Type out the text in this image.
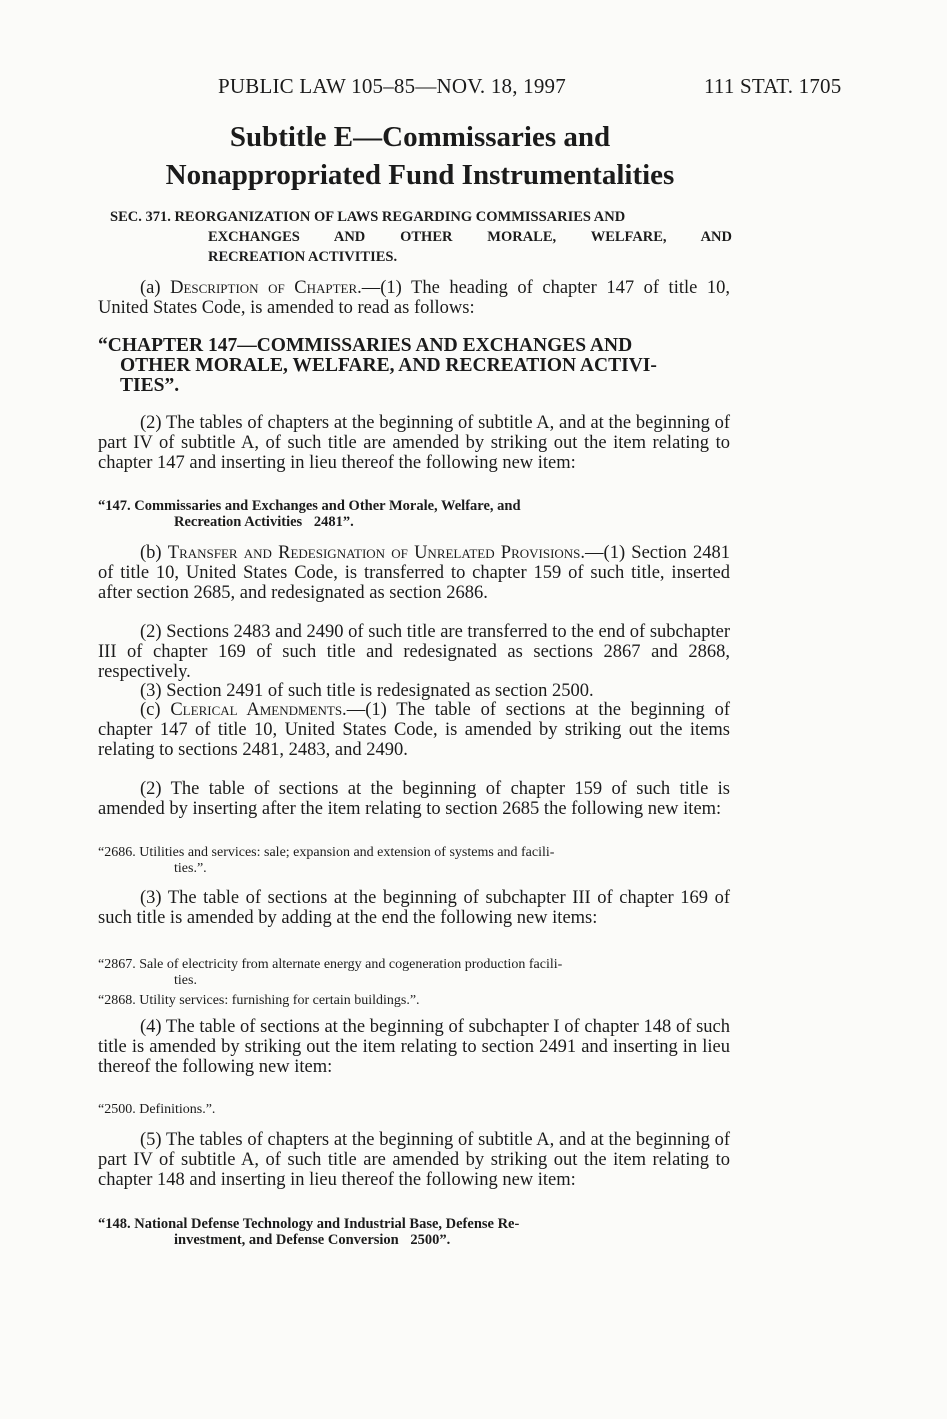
PUBLIC LAW 105–85—NOV. 18, 1997	111 STAT. 1705
Subtitle E—Commissaries and
Nonappropriated Fund Instrumentalities
SEC. 371. REORGANIZATION OF LAWS REGARDING COMMISSARIES AND
EXCHANGES AND OTHER MORALE, WELFARE, AND
RECREATION ACTIVITIES.
(a) Description of Chapter.—(1) The heading of chapter 147 of title 10, United States Code, is amended to read as follows:
“CHAPTER 147—COMMISSARIES AND EXCHANGES AND
OTHER MORALE, WELFARE, AND RECREATION ACTIVI-
TIES”.
(2) The tables of chapters at the beginning of subtitle A, and at the beginning of part IV of subtitle A, of such title are amended by striking out the item relating to chapter 147 and inserting in lieu thereof the following new item:
“147. Commissaries and Exchanges and Other Morale, Welfare, and
Recreation Activities 2481”.
(b) Transfer and Redesignation of Unrelated Provisions.—(1) Section 2481 of title 10, United States Code, is transferred to chapter 159 of such title, inserted after section 2685, and redesignated as section 2686.
(2) Sections 2483 and 2490 of such title are transferred to the end of subchapter III of chapter 169 of such title and redesignated as sections 2867 and 2868, respectively.
(3) Section 2491 of such title is redesignated as section 2500.
(c) Clerical Amendments.—(1) The table of sections at the beginning of chapter 147 of title 10, United States Code, is amended by striking out the items relating to sections 2481, 2483, and 2490.
(2) The table of sections at the beginning of chapter 159 of such title is amended by inserting after the item relating to section 2685 the following new item:
“2686. Utilities and services: sale; expansion and extension of systems and facili-
ties.”.
(3) The table of sections at the beginning of subchapter III of chapter 169 of such title is amended by adding at the end the following new items:
“2867. Sale of electricity from alternate energy and cogeneration production facili-
ties.
“2868. Utility services: furnishing for certain buildings.”.
(4) The table of sections at the beginning of subchapter I of chapter 148 of such title is amended by striking out the item relating to section 2491 and inserting in lieu thereof the following new item:
“2500. Definitions.”.
(5) The tables of chapters at the beginning of subtitle A, and at the beginning of part IV of subtitle A, of such title are amended by striking out the item relating to chapter 148 and inserting in lieu thereof the following new item:
“148. National Defense Technology and Industrial Base, Defense Re-
investment, and Defense Conversion 2500”.
